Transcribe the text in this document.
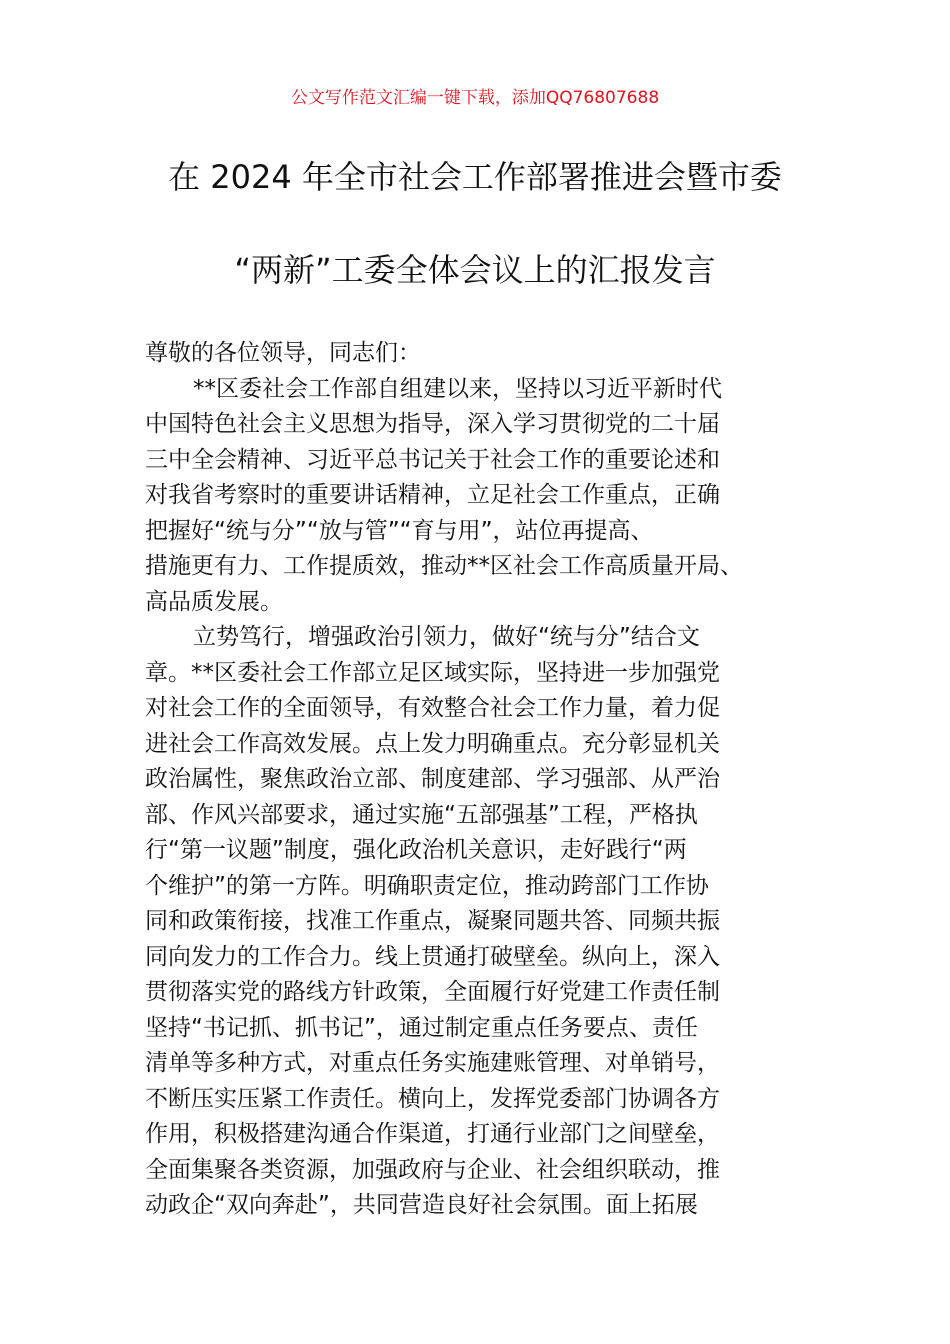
公文写作范文汇编一键下载，添加QQ76807688
在 2024 年全市社会工作部署推进会暨市委
“两新”工委全体会议上的汇报发言

尊敬的各位领导，同志们：

**区委社会工作部自组建以来，坚持以习近平新时代
中国特色社会主义思想为指导，深入学习贯彻党的二十届
三中全会精神、习近平总书记关于社会工作的重要论述和
对我省考察时的重要讲话精神，立足社会工作重点，正确
把握好“统与分”“放与管”“育与用”，站位再提高、
措施更有力、工作提质效，推动**区社会工作高质量开局、
高品质发展。

立势笃行，增强政治引领力，做好“统与分”结合文
章。**区委社会工作部立足区域实际，坚持进一步加强党
对社会工作的全面领导，有效整合社会工作力量，着力促
进社会工作高效发展。点上发力明确重点。充分彰显机关
政治属性，聚焦政治立部、制度建部、学习强部、从严治
部、作风兴部要求，通过实施“五部强基”工程，严格执
行“第一议题”制度，强化政治机关意识，走好践行“两
个维护”的第一方阵。明确职责定位，推动跨部门工作协
同和政策衔接，找准工作重点，凝聚同题共答、同频共振
同向发力的工作合力。线上贯通打破壁垒。纵向上，深入
贯彻落实党的路线方针政策，全面履行好党建工作责任制
坚持“书记抓、抓书记”，通过制定重点任务要点、责任
清单等多种方式，对重点任务实施建账管理、对单销号，
不断压实压紧工作责任。横向上，发挥党委部门协调各方
作用，积极搭建沟通合作渠道，打通行业部门之间壁垒，
全面集聚各类资源，加强政府与企业、社会组织联动，推
动政企“双向奔赴”，共同营造良好社会氛围。面上拓展
